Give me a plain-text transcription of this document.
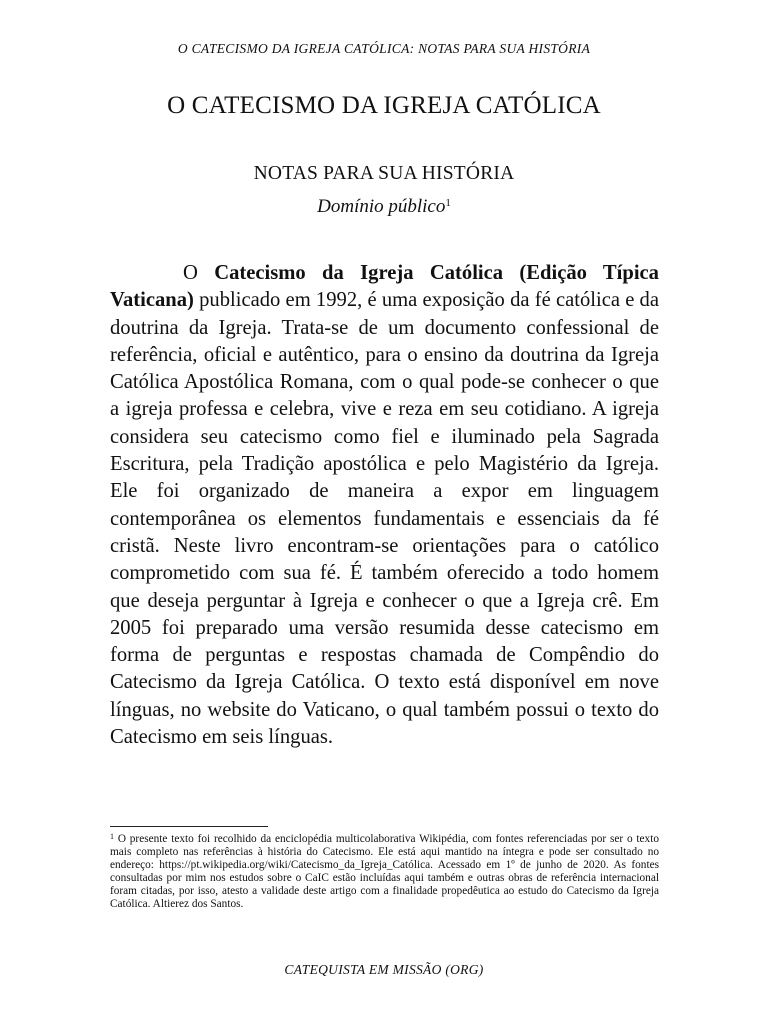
O CATECISMO DA IGREJA CATÓLICA: NOTAS PARA SUA HISTÓRIA
O CATECISMO DA IGREJA CATÓLICA
NOTAS PARA SUA HISTÓRIA
Domínio público$^1$

O Catecismo da Igreja Católica (Edição Típica Vaticana) publicado em 1992, é uma exposição da fé católica e da doutrina da Igreja. Trata-se de um documento confessional de referência, oficial e autêntico, para o ensino da doutrina da Igreja Católica Apostólica Romana, com o qual pode-se conhecer o que a igreja professa e celebra, vive e reza em seu cotidiano. A igreja considera seu catecismo como fiel e iluminado pela Sagrada Escritura, pela Tradição apostólica e pelo Magistério da Igreja. Ele foi organizado de maneira a expor em linguagem contemporânea os elementos fundamentais e essenciais da fé cristã. Neste livro encontram-se orientações para o católico comprometido com sua fé. É também oferecido a todo homem que deseja perguntar à Igreja e conhecer o que a Igreja crê. Em 2005 foi preparado uma versão resumida desse catecismo em forma de perguntas e respostas chamada de Compêndio do Catecismo da Igreja Católica. O texto está disponível em nove línguas, no website do Vaticano, o qual também possui o texto do Catecismo em seis línguas.

$^1$ O presente texto foi recolhido da enciclopédia multicolaborativa Wikipédia, com fontes referenciadas por ser o texto mais completo nas referências à história do Catecismo. Ele está aqui mantido na íntegra e pode ser consultado no endereço: https://pt.wikipedia.org/wiki/Catecismo_da_Igreja_Católica. Acessado em 1º de junho de 2020. As fontes consultadas por mim nos estudos sobre o CaIC estão incluídas aqui também e outras obras de referência internacional foram citadas, por isso, atesto a validade deste artigo com a finalidade propedêutica ao estudo do Catecismo da Igreja Católica. Altierez dos Santos.

CATEQUISTA EM MISSÃO (ORG)
